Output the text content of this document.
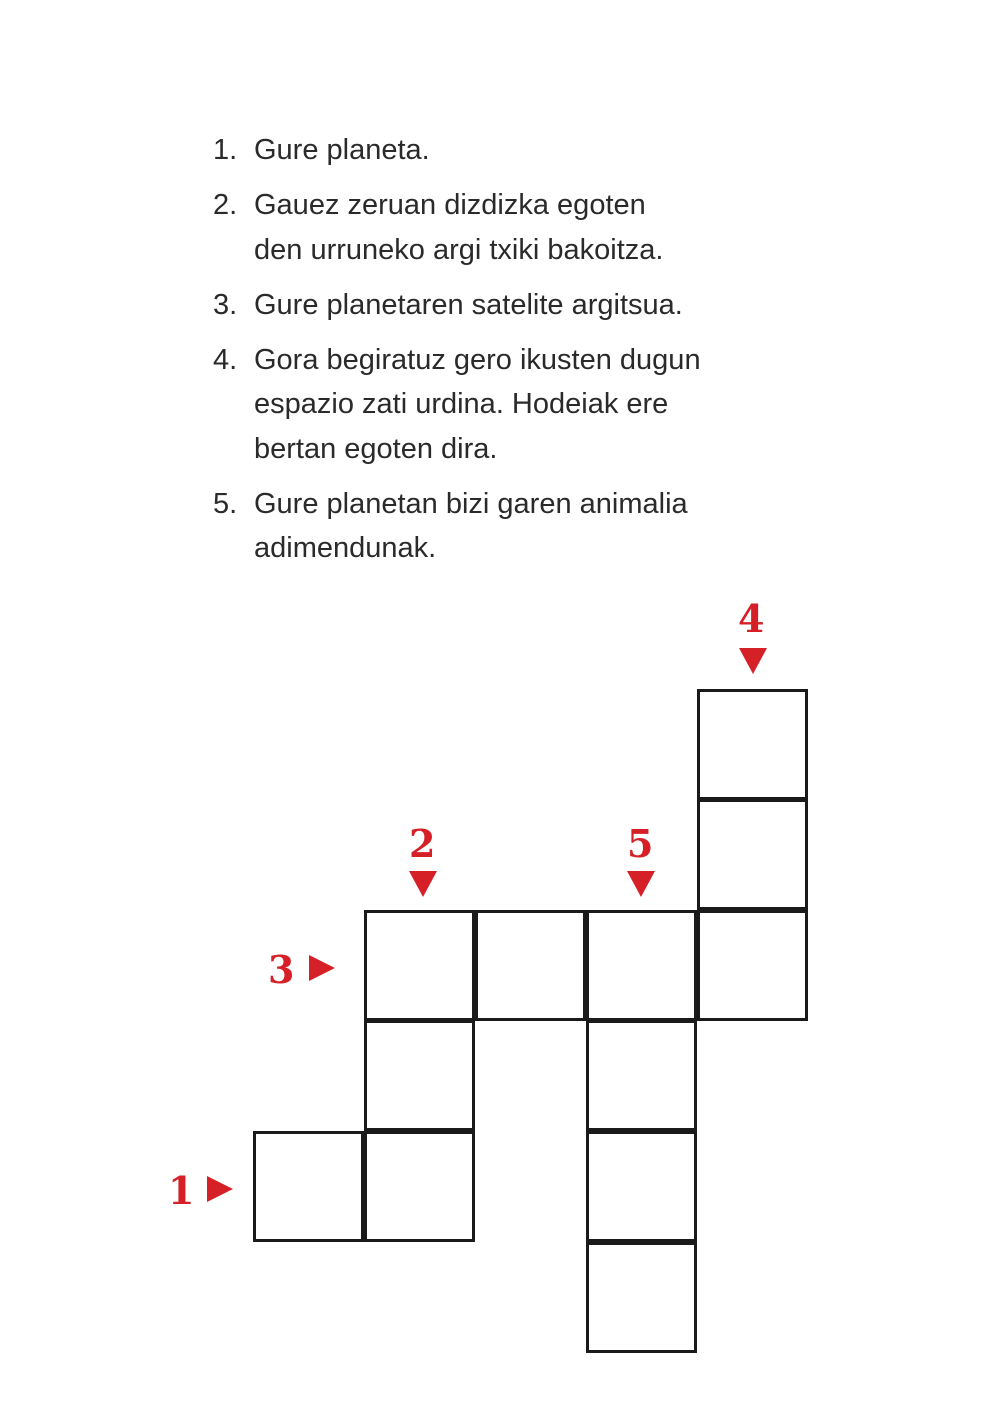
1. Gure planeta.
2. Gauez zeruan dizdizka egoten
den urruneko argi txiki bakoitza.
3. Gure planetaren satelite argitsua.
4. Gora begiratuz gero ikusten dugun
espazio zati urdina. Hodeiak ere
bertan egoten dira.
5. Gure planetan bizi garen animalia
adimendunak.
4
2	5
3
1
